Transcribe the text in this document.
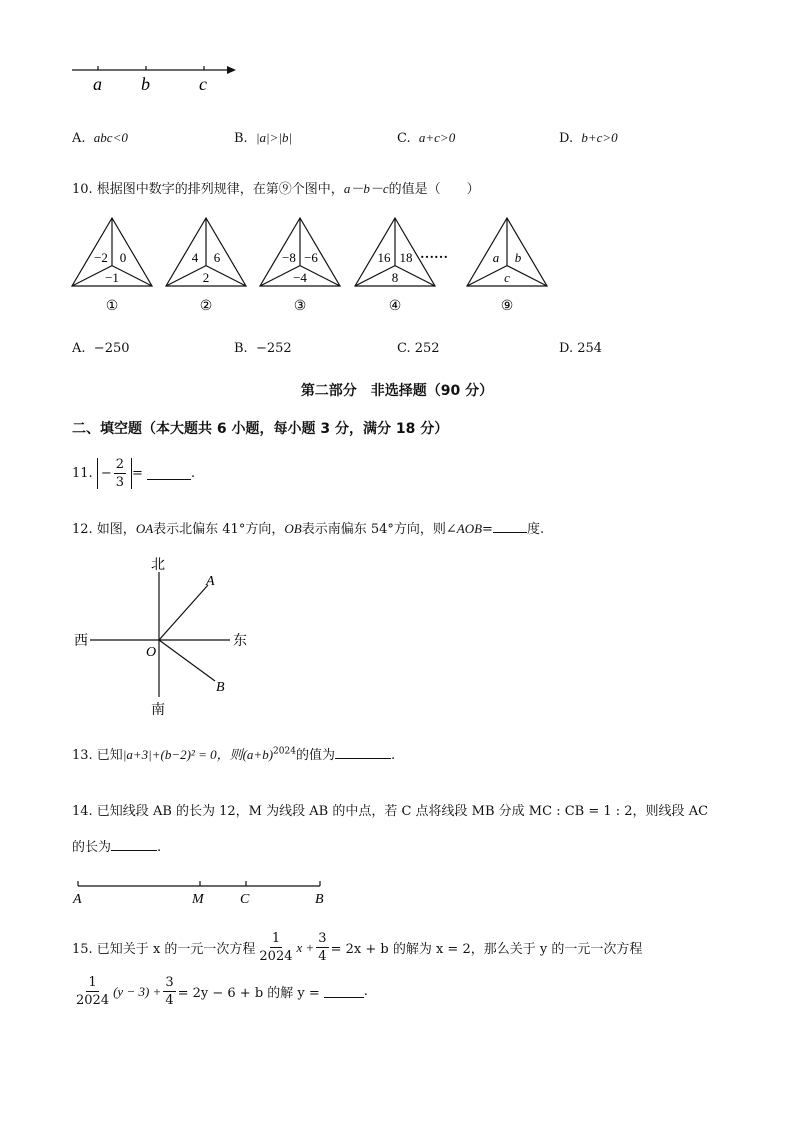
a b	c
A. abc<0	B. |a|>|b|	C. a+c>0	D. b+c>0
10. 根据图中数字的排列规律，在第⑨个图中，a－b－c的值是（　　）
−2 0
−1
①
4 6
2
②
−8 −6
−4
③
16 18
8
④
a b
c
⑨
……
A. −250	B. −252	C. 252	D. 254
第二部分　非选择题（90 分）
二、填空题（本大题共 6 小题，每小题 3 分，满分 18 分）
11.
− $\frac{2}{3}$ =	.
12. 如图，OA表示北偏东 41°方向，OB表示南偏东 54°方向，则∠AOB=	度.
北
南
东
西
O
A
B
13. 已知|a+3|+(b−2)² = 0，则$(a+b)^{2024}$的值为	.
14. 已知线段 AB 的长为 12，M 为线段 AB 的中点，若 C 点将线段 MB 分成 MC : CB = 1 : 2，则线段 AC
的长为	.
A	M	C	B
15. 已知关于 x 的一元一次方程 $\frac{1}{2024}$ $x + \frac{3}{4} = 2x + b$ 的解为 x = 2，那么关于 y 的一元一次方程
$\frac{1}{2024} (y - 3) + \frac{3}{4} = 2y - 6 + b$ 的解 y =	.
